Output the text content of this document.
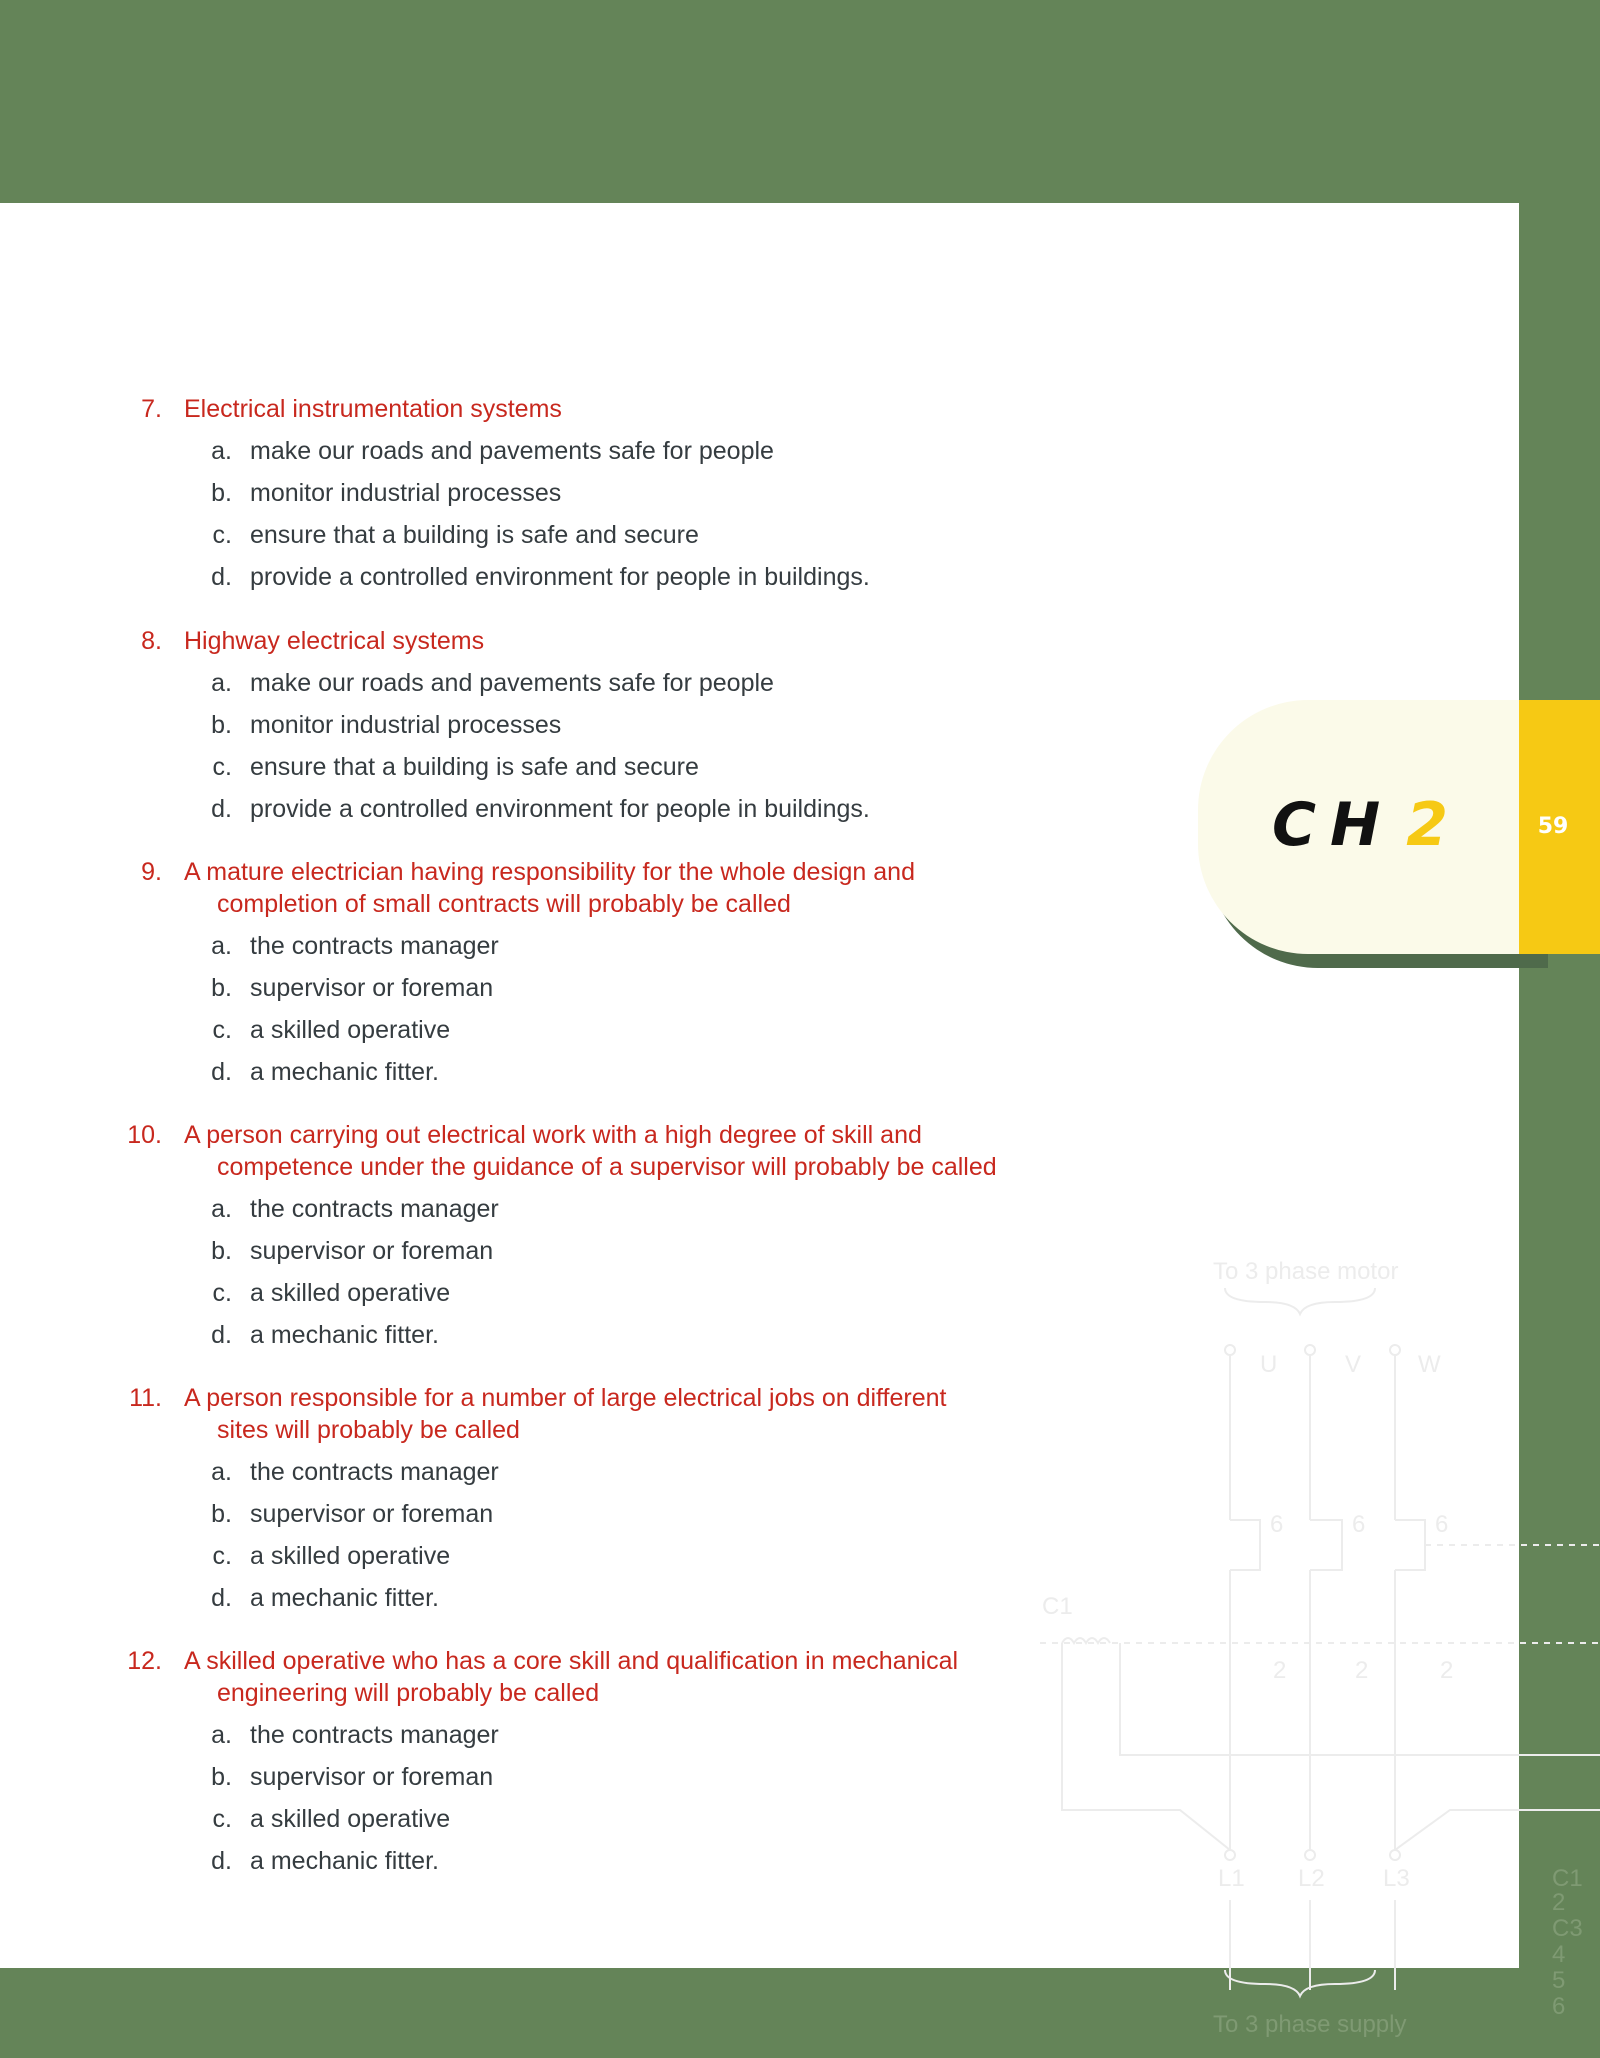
To 3 phase motor
U	V W
6	6	6
C1
2	2	2
L1 L2 L3
To 3 phase supply
C1
2
C3
4
5
6
CH 2	59
7. Electrical instrumentation systems
a. make our roads and pavements safe for people
b. monitor industrial processes
c. ensure that a building is safe and secure
d. provide a controlled environment for people in buildings.
8. Highway electrical systems
a. make our roads and pavements safe for people
b. monitor industrial processes
c. ensure that a building is safe and secure
d. provide a controlled environment for people in buildings.
9. A mature electrician having responsibility for the whole design and
completion of small contracts will probably be called
a. the contracts manager
b. supervisor or foreman
c. a skilled operative
d. a mechanic fitter.
10. A person carrying out electrical work with a high degree of skill and
competence under the guidance of a supervisor will probably be called
a. the contracts manager
b. supervisor or foreman
c. a skilled operative
d. a mechanic fitter.
11. A person responsible for a number of large electrical jobs on different
sites will probably be called
a. the contracts manager
b. supervisor or foreman
c. a skilled operative
d. a mechanic fitter.
12. A skilled operative who has a core skill and qualification in mechanical
engineering will probably be called
a. the contracts manager
b. supervisor or foreman
c. a skilled operative
d. a mechanic fitter.
